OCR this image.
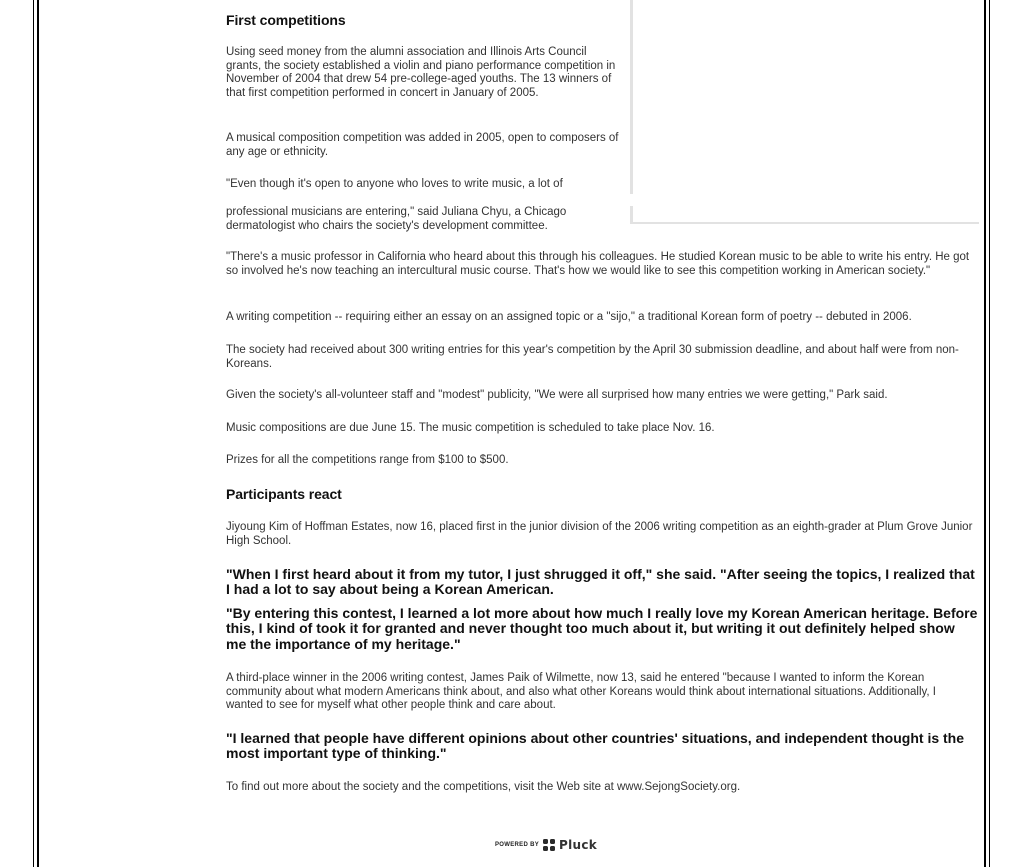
First competitions

Using seed money from the alumni association and Illinois Arts Council grants, the society established a violin and piano performance competition in November of 2004 that drew 54 pre-college-aged youths. The 13 winners of that first competition performed in concert in January of 2005.

A musical composition competition was added in 2005, open to composers of any age or ethnicity.

"Even though it's open to anyone who loves to write music, a lot of

professional musicians are entering," said Juliana Chyu, a Chicago dermatologist who chairs the society's development committee.

"There's a music professor in California who heard about this through his colleagues. He studied Korean music to be able to write his entry. He got so involved he's now teaching an intercultural music course. That's how we would like to see this competition working in American society."

A writing competition -- requiring either an essay on an assigned topic or a "sijo," a traditional Korean form of poetry -- debuted in 2006.

The society had received about 300 writing entries for this year's competition by the April 30 submission deadline, and about half were from non-Koreans.

Given the society's all-volunteer staff and "modest" publicity, "We were all surprised how many entries we were getting," Park said.

Music compositions are due June 15. The music competition is scheduled to take place Nov. 16.

Prizes for all the competitions range from $100 to $500.

Participants react

Jiyoung Kim of Hoffman Estates, now 16, placed first in the junior division of the 2006 writing competition as an eighth-grader at Plum Grove Junior High School.

"When I first heard about it from my tutor, I just shrugged it off," she said. "After seeing the topics, I realized that I had a lot to say about being a Korean American.

"By entering this contest, I learned a lot more about how much I really love my Korean American heritage. Before this, I kind of took it for granted and never thought too much about it, but writing it out definitely helped show me the importance of my heritage."

A third-place winner in the 2006 writing contest, James Paik of Wilmette, now 13, said he entered "because I wanted to inform the Korean community about what modern Americans think about, and also what other Koreans would think about international situations. Additionally, I wanted to see for myself what other people think and care about.

"I learned that people have different opinions about other countries' situations, and independent thought is the most important type of thinking."

To find out more about the society and the competitions, visit the Web site at www.SejongSociety.org.

POWERED BY Pluck
